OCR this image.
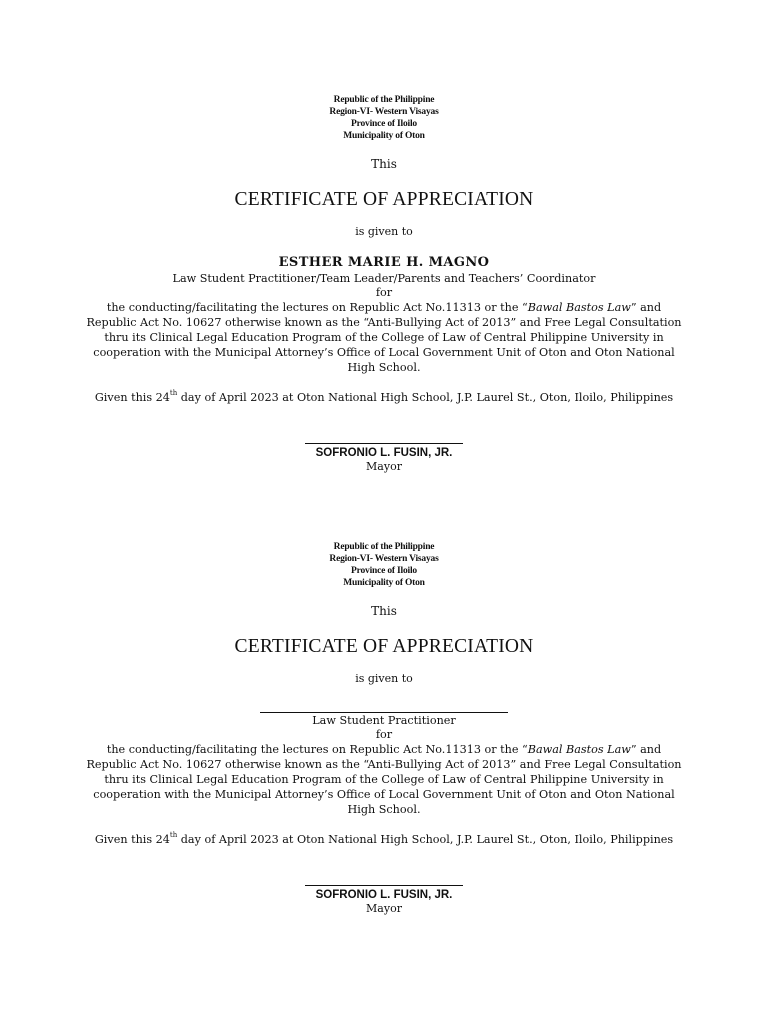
Republic of the Philippine
Region-VI- Western Visayas
Province of Iloilo
Municipality of Oton
This
CERTIFICATE OF APPRECIATION
is given to
ESTHER MARIE H. MAGNO
Law Student Practitioner/Team Leader/Parents and Teachers’ Coordinator
for
the conducting/facilitating the lectures on Republic Act No.11313 or the “Bawal Bastos Law” and Republic Act No. 10627 otherwise known as the “Anti-Bullying Act of 2013” and Free Legal Consultation thru its Clinical Legal Education Program of the College of Law of Central Philippine University in cooperation with the Municipal Attorney’s Office of Local Government Unit of Oton and Oton National High School.
Given this 24th day of April 2023 at Oton National High School, J.P. Laurel St., Oton, Iloilo, Philippines
SOFRONIO L. FUSIN, JR.
Mayor
Republic of the Philippine
Region-VI- Western Visayas
Province of Iloilo
Municipality of Oton
This
CERTIFICATE OF APPRECIATION
is given to
Law Student Practitioner
for
the conducting/facilitating the lectures on Republic Act No.11313 or the “Bawal Bastos Law” and Republic Act No. 10627 otherwise known as the “Anti-Bullying Act of 2013” and Free Legal Consultation thru its Clinical Legal Education Program of the College of Law of Central Philippine University in cooperation with the Municipal Attorney’s Office of Local Government Unit of Oton and Oton National High School.
Given this 24th day of April 2023 at Oton National High School, J.P. Laurel St., Oton, Iloilo, Philippines
SOFRONIO L. FUSIN, JR.
Mayor
